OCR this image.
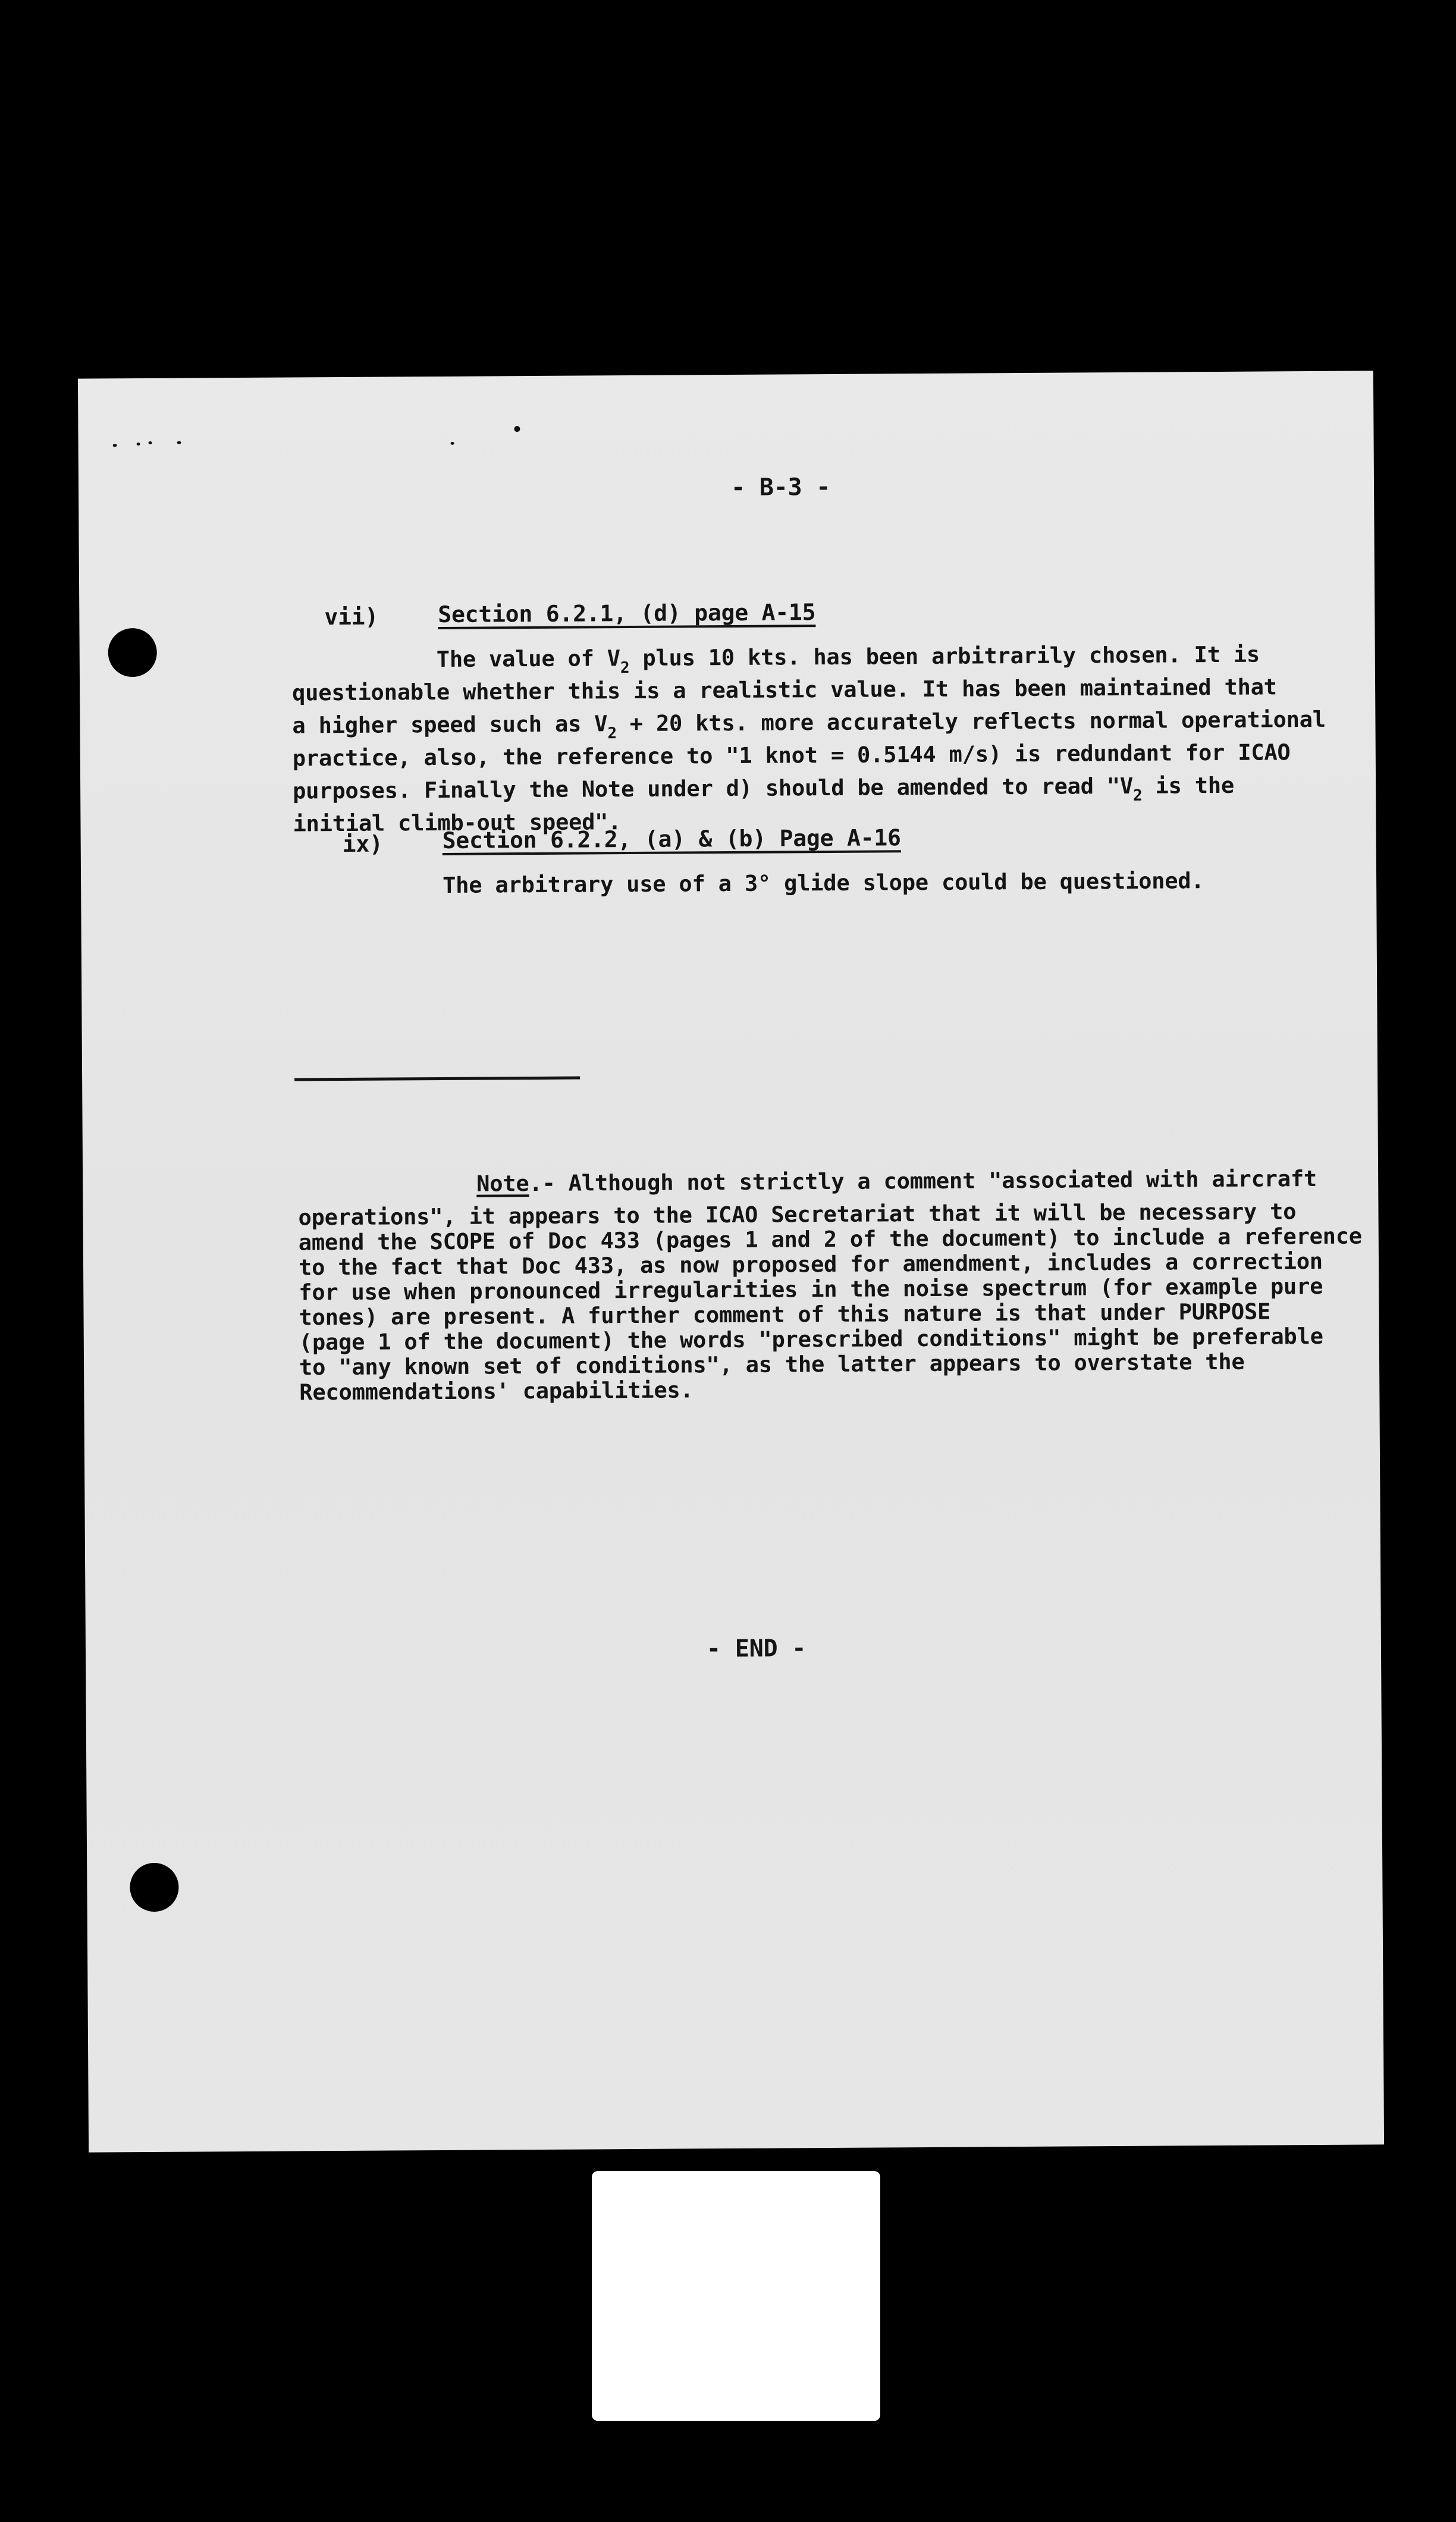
- B-3 -
vii)	Section 6.2.1, (d) page A-15
The value of $V_2$ plus 10 kts. has been arbitrarily chosen. It is
questionable whether this is a realistic value. It has been maintained that
a higher speed such as $V_2 + 20$ kts. more accurately reflects normal operational
practice, also, the reference to "1 knot = 0.5144 m/s) is redundant for ICAO
purposes. Finally the Note under d) should be amended to read "$V_2$ is the
initial climb-out speed".
ix)	Section 6.2.2, (a) & (b) Page A-16
The arbitrary use of a 3° glide slope could be questioned.
Note.- Although not strictly a comment "associated with aircraft
operations", it appears to the ICAO Secretariat that it will be necessary to
amend the SCOPE of Doc 433 (pages 1 and 2 of the document) to include a reference
to the fact that Doc 433, as now proposed for amendment, includes a correction
for use when pronounced irregularities in the noise spectrum (for example pure
tones) are present. A further comment of this nature is that under PURPOSE
(page 1 of the document) the words "prescribed conditions" might be preferable
to "any known set of conditions", as the latter appears to overstate the
Recommendations' capabilities.
- END -
